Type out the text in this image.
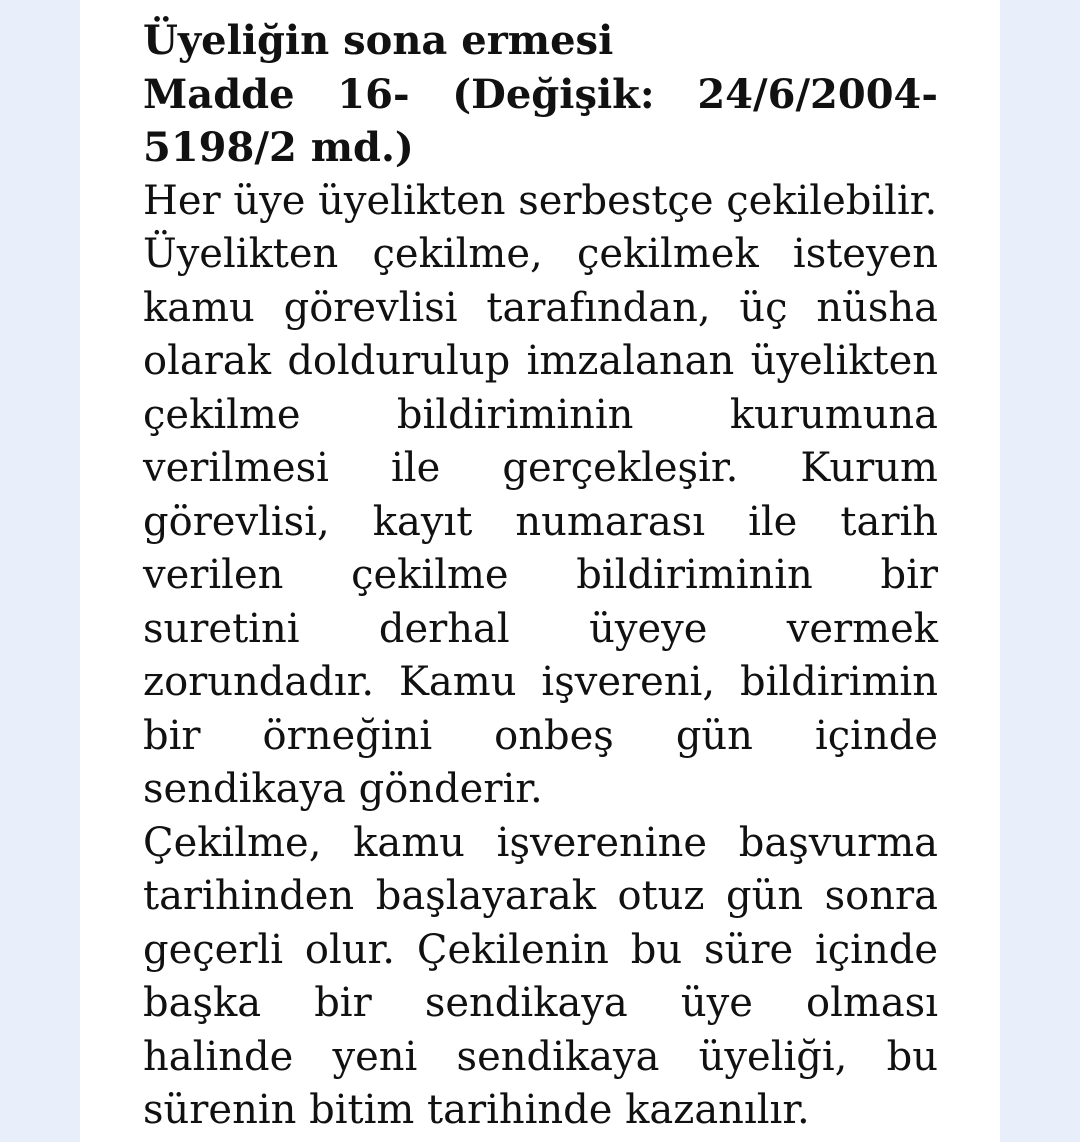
Üyeliğin sona ermesi
Madde 16- (Değişik: 24/6/2004-5198/2 md.)

Her üye üyelikten serbestçe çekilebilir.

Üyelikten çekilme, çekilmek isteyen kamu görevlisi tarafından, üç nüsha olarak doldurulup imzalanan üyelikten çekilme bildiriminin kurumuna verilmesi ile gerçekleşir. Kurum görevlisi, kayıt numarası ile tarih verilen çekilme bildiriminin bir suretini derhal üyeye vermek zorundadır. Kamu işvereni, bildirimin bir örneğini onbeş gün içinde sendikaya gönderir.

Çekilme, kamu işverenine başvurma tarihinden başlayarak otuz gün sonra geçerli olur. Çekilenin bu süre içinde başka bir sendikaya üye olması halinde yeni sendikaya üyeliği, bu sürenin bitim tarihinde kazanılır.
